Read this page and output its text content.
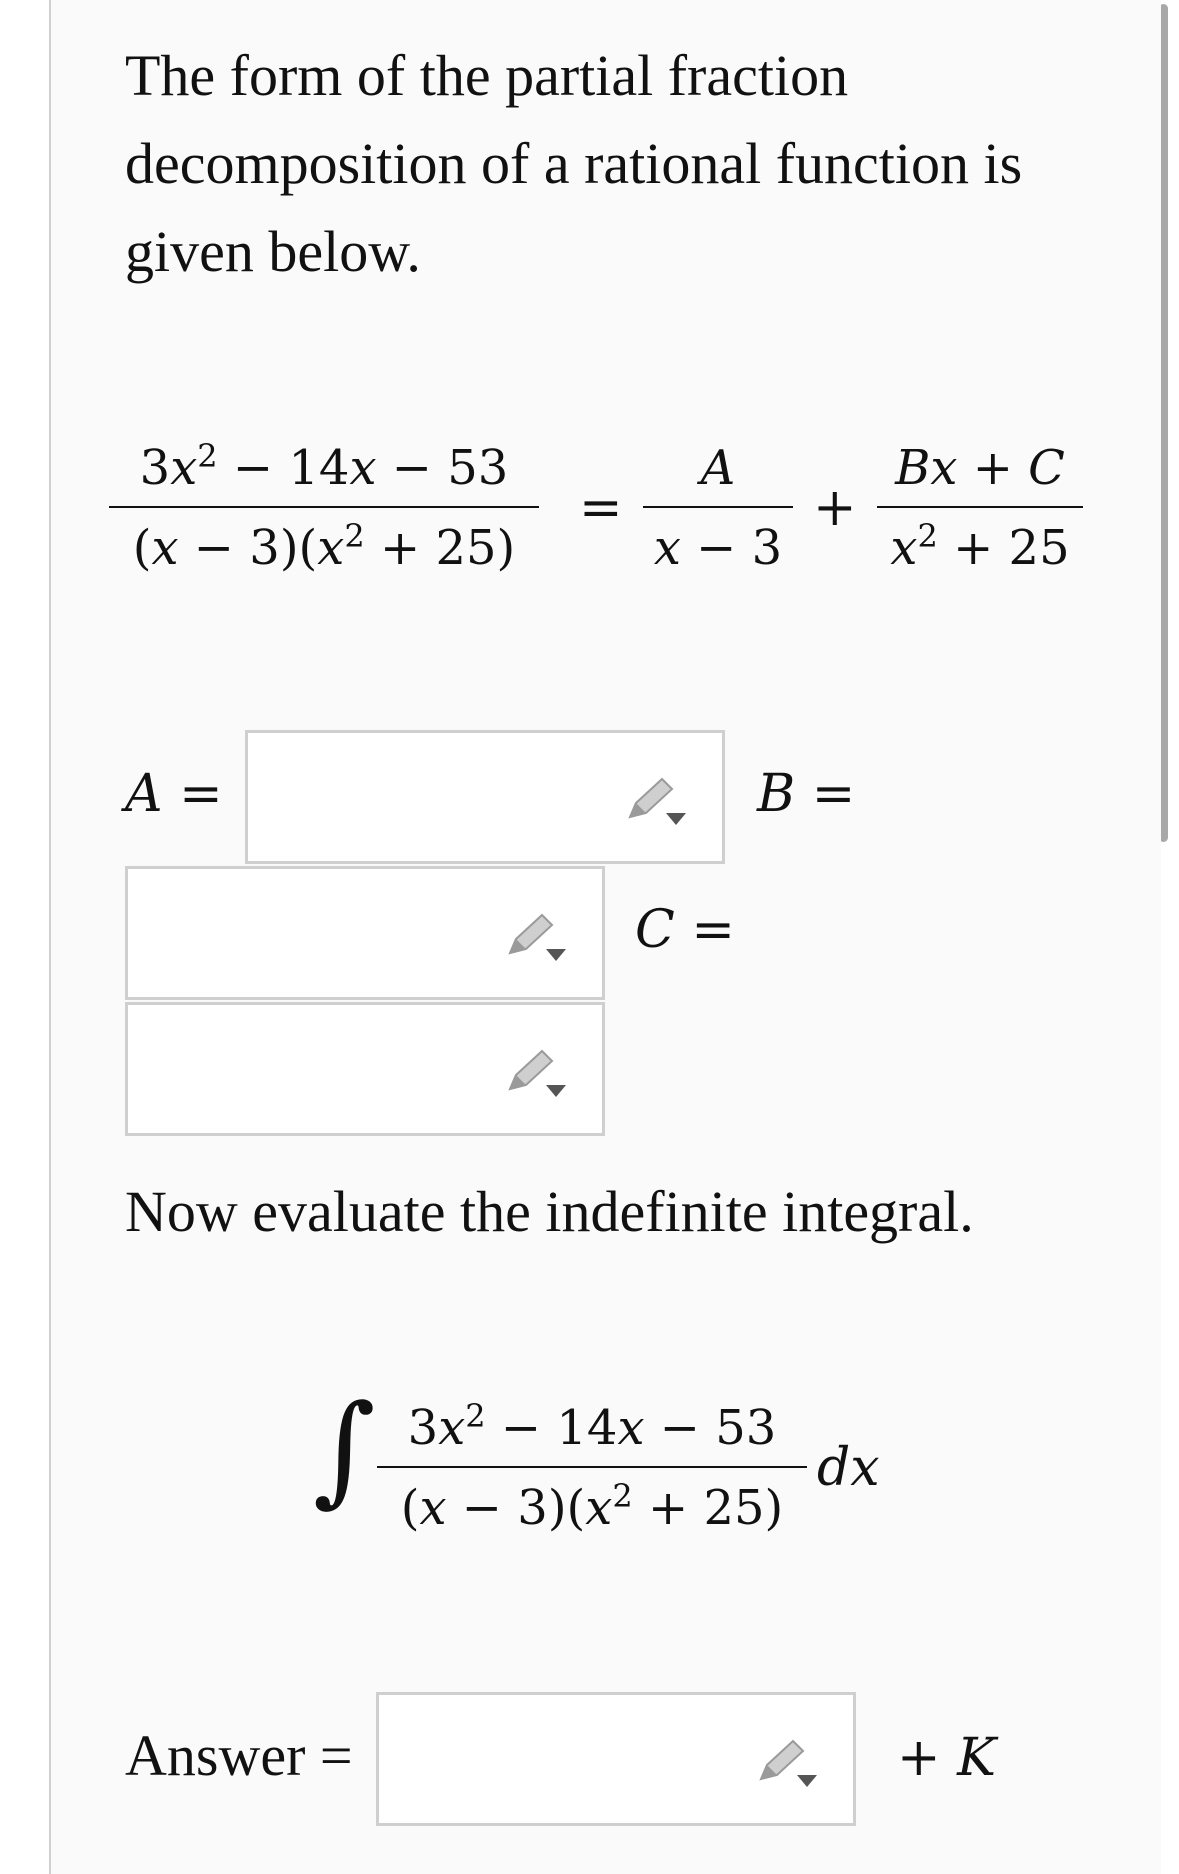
The form of the partial fraction decomposition of a rational function is given below.
$3x^2 - 14x - 53$
$(x - 3)(x^2 + 25)$
=
A
x − 3
+
Bx + C
$x^2 + 25$
A =	B =
C =
Now evaluate the indefinite integral.
∫ $3x^2 - 14x - 53$
$(x - 3)(x^2 + 25)$
dx
Answer =	+ K
